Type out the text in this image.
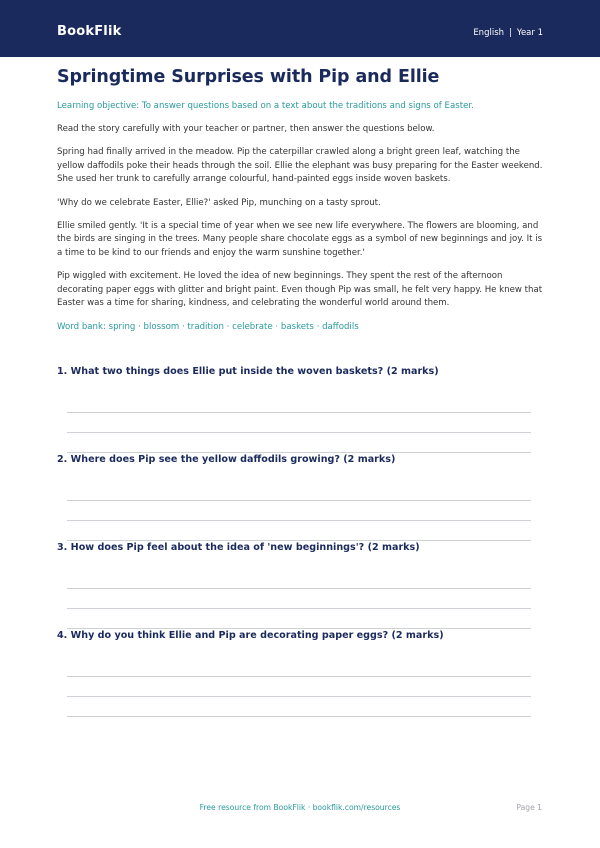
BookFlik	English | Year 1
Springtime Surprises with Pip and Ellie

Learning objective: To answer questions based on a text about the traditions and signs of Easter.

Read the story carefully with your teacher or partner, then answer the questions below.

Spring had finally arrived in the meadow. Pip the caterpillar crawled along a bright green leaf, watching the yellow daffodils poke their heads through the soil. Ellie the elephant was busy preparing for the Easter weekend. She used her trunk to carefully arrange colourful, hand-painted eggs inside woven baskets.

'Why do we celebrate Easter, Ellie?' asked Pip, munching on a tasty sprout.

Ellie smiled gently. 'It is a special time of year when we see new life everywhere. The flowers are blooming, and the birds are singing in the trees. Many people share chocolate eggs as a symbol of new beginnings and joy. It is a time to be kind to our friends and enjoy the warm sunshine together.'

Pip wiggled with excitement. He loved the idea of new beginnings. They spent the rest of the afternoon decorating paper eggs with glitter and bright paint. Even though Pip was small, he felt very happy. He knew that Easter was a time for sharing, kindness, and celebrating the wonderful world around them.

Word bank: spring · blossom · tradition · celebrate · baskets · daffodils

1. What two things does Ellie put inside the woven baskets? (2 marks)

2. Where does Pip see the yellow daffodils growing? (2 marks)

3. How does Pip feel about the idea of 'new beginnings'? (2 marks)

4. Why do you think Ellie and Pip are decorating paper eggs? (2 marks)

Free resource from BookFlik · bookflik.com/resources	Page 1
